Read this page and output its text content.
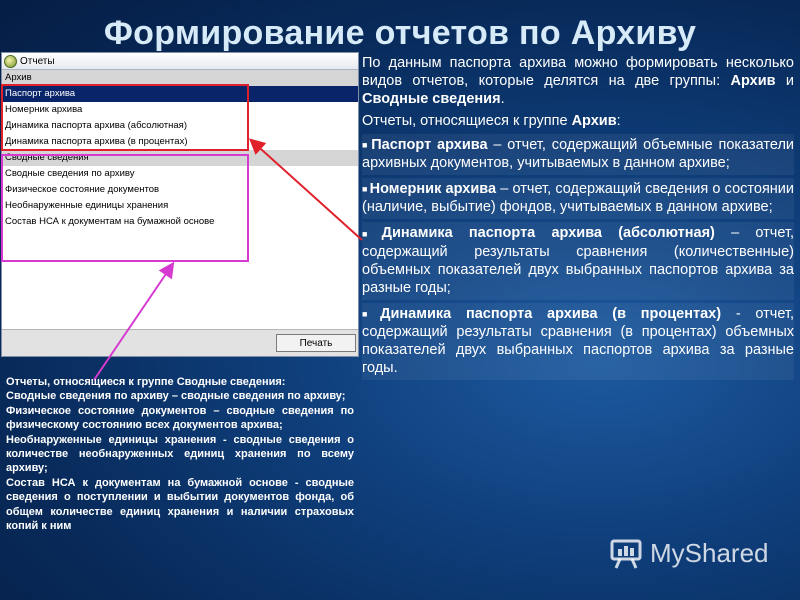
Формирование отчетов по Архиву
Отчеты
Архив
Паспорт архива
Номерник архива
Динамика паспорта архива (абсолютная)
Динамика паспорта архива (в процентах)
Сводные сведения
Сводные сведения по архиву
Физическое состояние документов
Необнаруженные единицы хранения
Состав НСА к документам на бумажной основе
Печать

По данным паспорта архива можно формировать несколько видов отчетов, которые делятся на две группы: Архив и Сводные сведения.

Отчеты, относящиеся к группе Архив:

■ Паспорт архива – отчет, содержащий объемные показатели архивных документов, учитываемых в данном архиве;
■ Номерник архива – отчет, содержащий сведения о состоянии (наличие, выбытие) фондов, учитываемых в данном архиве;
■ Динамика паспорта архива (абсолютная) – отчет, содержащий результаты сравнения (количественные) объемных показателей двух выбранных паспортов архива за разные годы;
■ Динамика паспорта архива (в процентах) - отчет, содержащий результаты сравнения (в процентах) объемных показателей двух выбранных паспортов архива за разные годы.

Отчеты, относящиеся к группе Сводные сведения:

Сводные сведения по архиву – сводные сведения по архиву;

Физическое состояние документов – сводные сведения по физическому состоянию всех документов архива;

Необнаруженные единицы хранения - сводные сведения о количестве необнаруженных единиц хранения по всему архиву;

Состав НСА к документам на бумажной основе - сводные сведения о поступлении и выбытии документов фонда, об общем количестве единиц хранения и наличии страховых копий к ним

MyShared
